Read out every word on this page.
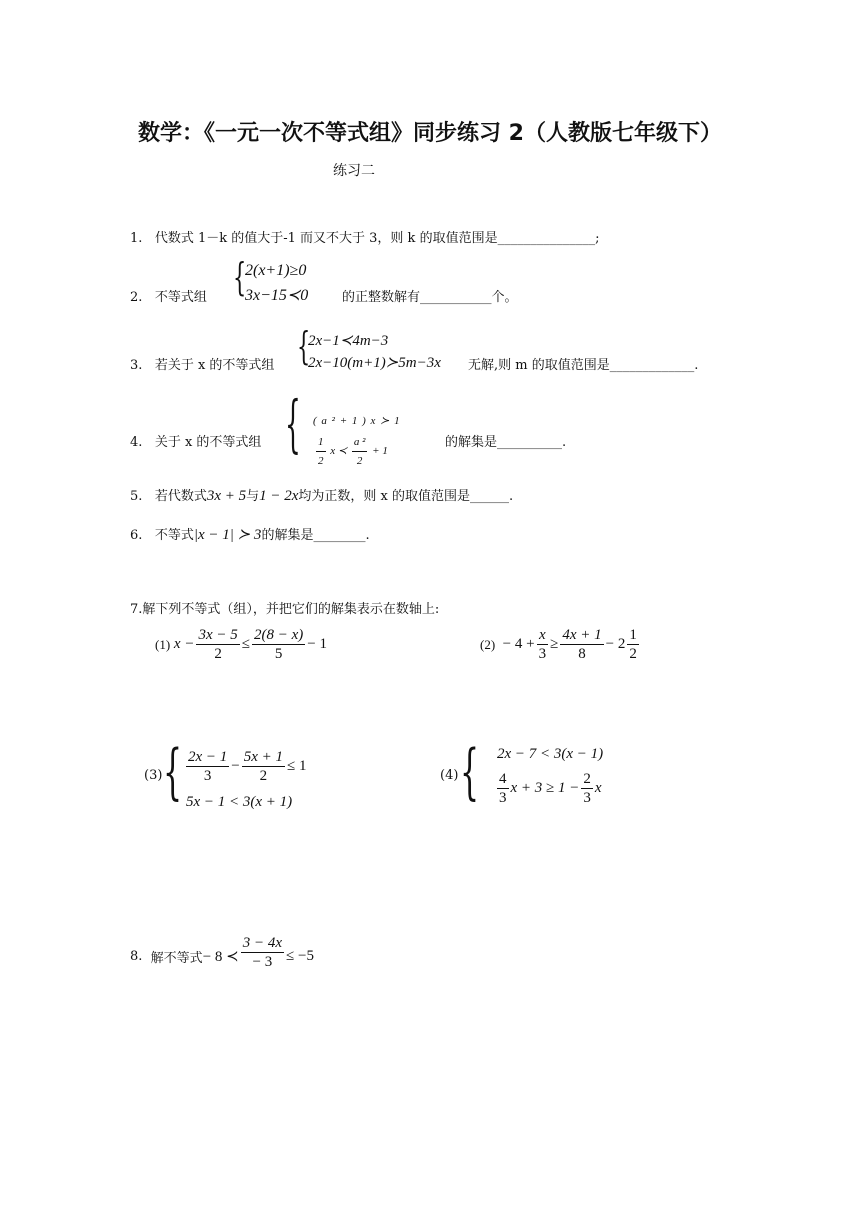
数学：《一元一次不等式组》同步练习 2（人教版七年级下）
练习二
1. 代数式 1－k 的值大于-1 而又不大于 3，则 k 的取值范围是_______________;
2. 不等式组 {
2(x+1)≥0
3x−15≺0	的正整数解有___________个。
3. 若关于 x 的不等式组 {
2x−1≺4m−3
2x−10(m+1)≻5m−3x 无解,则 m 的取值范围是_____________.
4. 关于 x 的不等式组 { ( a ² + 1 ) x ≻ 1
$\frac{1}{2}$ x ≺ $\frac{\text{a ²}}{2} + 1$
的解集是__________.
5. 若代数式3x + 5与1 − 2x均为正数，则 x 的取值范围是______.
6. 不等式|x − 1| ≻ 3的解集是________.
7.解下列不等式（组），并把它们的解集表示在数轴上:
(1)
$x - \frac{3x - 5}{2} \le \frac{2(8 - x)}{5} - 1$	(2)
− $4 + \frac{x}{3} \ge \frac{4x + 1}{8} - 2 \frac{1}{2}$
(3) { $\frac{2x - 1}{3} - \frac{5x + 1}{2} \le 1$
5x − 1 < 3(x + 1)
(4) { 2x − 7 < 3(x − 1)
$\frac{4}{3}$ $x + 3 \ge 1 - \frac{2}{3}$ x
8.
解不等式 − 8 ≺ $\frac{3 - 4x}{- 3} \le -5$
